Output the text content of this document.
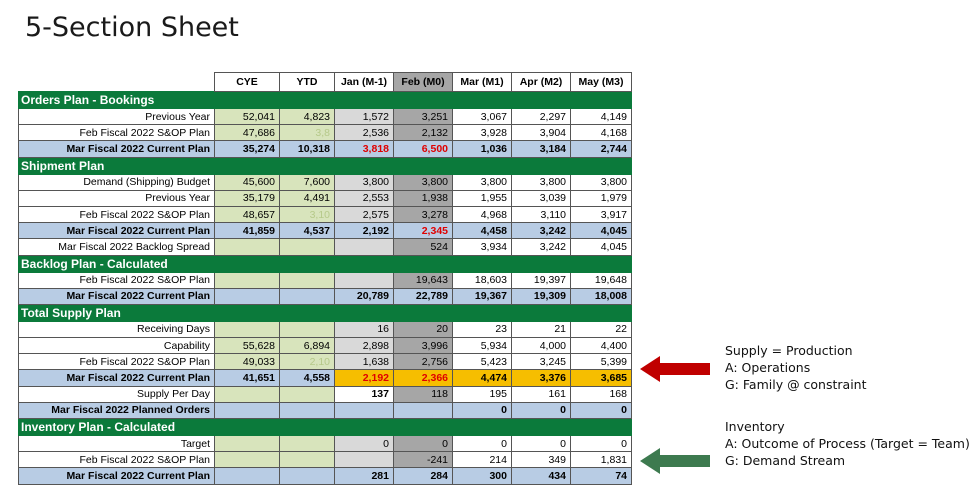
5-Section Sheet
	CYE	YTD	Jan (M-1)	Feb (M0)	Mar (M1)	Apr (M2)	May (M3)
Orders Plan - Bookings							
Previous Year	52,041	4,823	1,572	3,251	3,067	2,297	4,149
Feb Fiscal 2022 S&OP Plan	47,686	3,8	2,536	2,132	3,928	3,904	4,168
Mar Fiscal 2022 Current Plan	35,274	10,318	3,818	6,500	1,036	3,184	2,744
Shipment Plan							
Demand (Shipping) Budget	45,600	7,600	3,800	3,800	3,800	3,800	3,800
Previous Year	35,179	4,491	2,553	1,938	1,955	3,039	1,979
Feb Fiscal 2022 S&OP Plan	48,657	3,10	2,575	3,278	4,968	3,110	3,917
Mar Fiscal 2022 Current Plan	41,859	4,537	2,192	2,345	4,458	3,242	4,045
Mar Fiscal 2022 Backlog Spread				524	3,934	3,242	4,045
Backlog Plan - Calculated							
Feb Fiscal 2022 S&OP Plan				19,643	18,603	19,397	19,648
Mar Fiscal 2022 Current Plan			20,789	22,789	19,367	19,309	18,008
Total Supply Plan							
Receiving Days			16	20	23	21	22
Capability	55,628	6,894	2,898	3,996	5,934	4,000	4,400
Feb Fiscal 2022 S&OP Plan	49,033	2,10	1,638	2,756	5,423	3,245	5,399
Mar Fiscal 2022 Current Plan	41,651	4,558	2,192	2,366	4,474	3,376	3,685
Supply Per Day			137	118	195	161	168
Mar Fiscal 2022 Planned Orders					0	0	0
Inventory Plan - Calculated							
Target			0	0	0	0	0
Feb Fiscal 2022 S&OP Plan				-241	214	349	1,831
Mar Fiscal 2022 Current Plan			281	284	300	434	74
Supply = Production
A: Operations
G: Family @ constraint
Inventory
A: Outcome of Process (Target = Team)
G: Demand Stream
